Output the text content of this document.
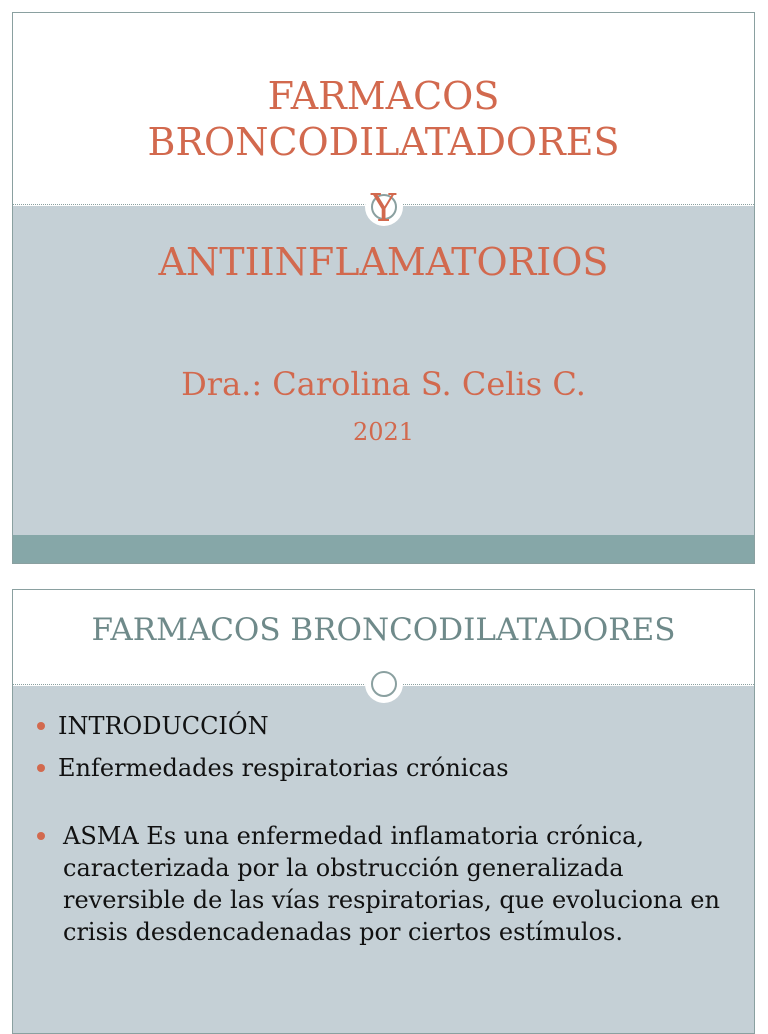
FARMACOS
BRONCODILATADORES
Y
ANTIINFLAMATORIOS
Dra.: Carolina S. Celis C.
2021
FARMACOS BRONCODILATADORES
INTRODUCCIÓN
Enfermedades respiratorias crónicas
ASMA Es una enfermedad inflamatoria crónica, caracterizada por la obstrucción generalizada reversible de las vías respiratorias, que evoluciona en crisis desdencadenadas por ciertos estímulos.
